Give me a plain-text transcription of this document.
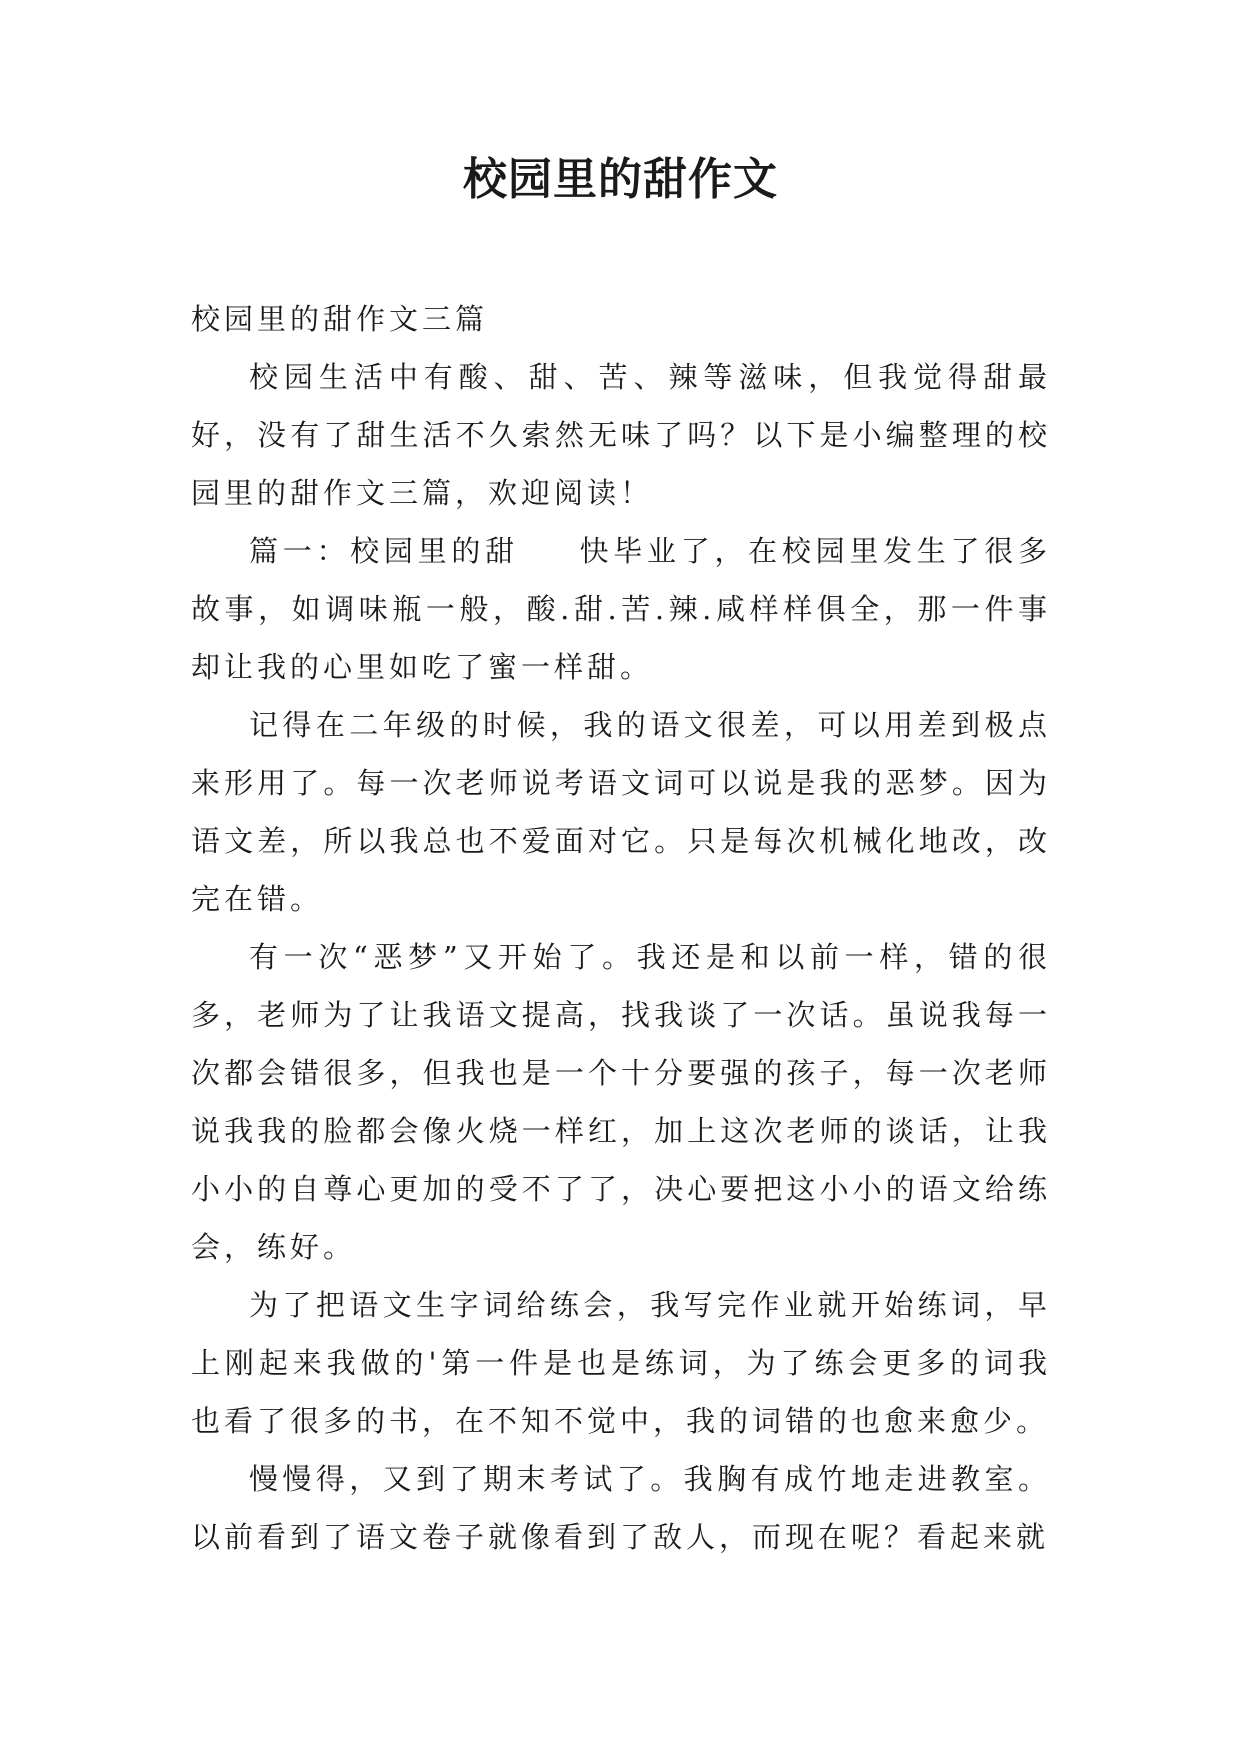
校园里的甜作文

校园里的甜作文三篇

校园生活中有酸、甜、苦、辣等滋味，但我觉得甜最好，没有了甜生活不久索然无味了吗？以下是小编整理的校园里的甜作文三篇，欢迎阅读！

篇一：校园里的甜 快毕业了，在校园里发生了很多故事，如调味瓶一般，酸.甜.苦.辣.咸样样俱全，那一件事却让我的心里如吃了蜜一样甜。

记得在二年级的时候，我的语文很差，可以用差到极点来形用了。每一次老师说考语文词可以说是我的恶梦。因为语文差，所以我总也不爱面对它。只是每次机械化地改，改完在错。

有一次“恶梦”又开始了。我还是和以前一样，错的很多，老师为了让我语文提高，找我谈了一次话。虽说我每一次都会错很多，但我也是一个十分要强的孩子，每一次老师说我我的脸都会像火烧一样红，加上这次老师的谈话，让我小小的自尊心更加的受不了了，决心要把这小小的语文给练会，练好。

为了把语文生字词给练会，我写完作业就开始练词，早上刚起来我做的'第一件是也是练词，为了练会更多的词我也看了很多的书，在不知不觉中，我的词错的也愈来愈少。

慢慢得，又到了期末考试了。我胸有成竹地走进教室。以前看到了语文卷子就像看到了敌人，而现在呢？看起来就
